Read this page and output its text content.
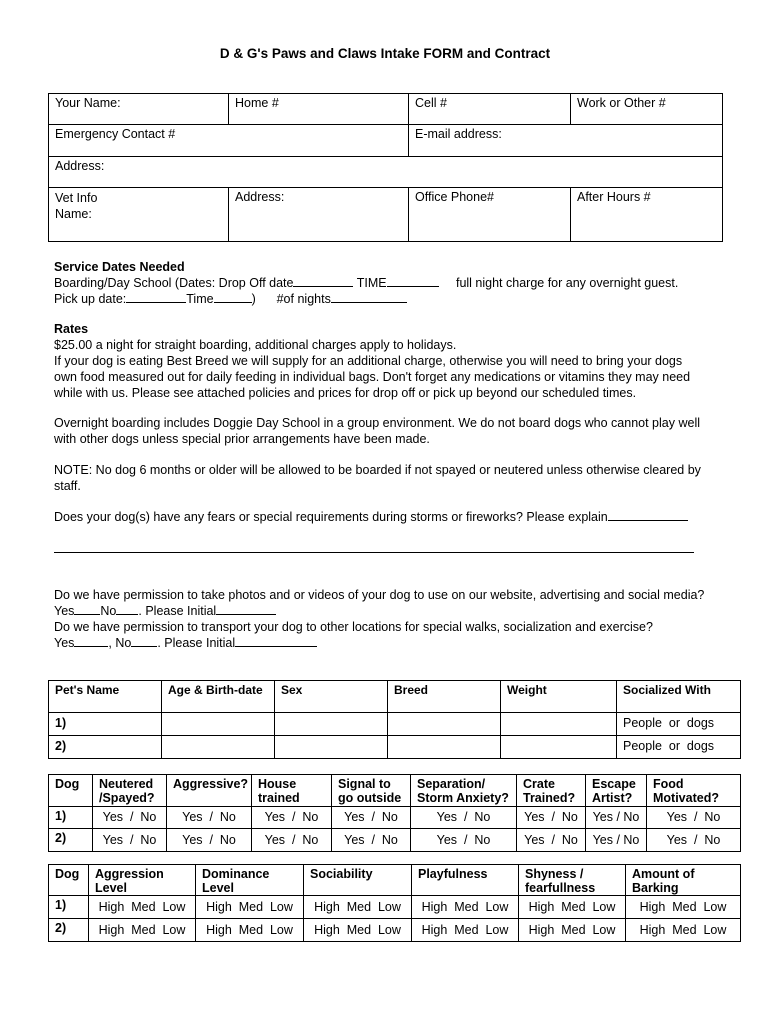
D & G's Paws and Claws Intake FORM and Contract
Your Name:	Home #	Cell #	Work or Other #
Emergency Contact #		E-mail address:	
Address:			

Vet Info
Name:	Address:	Office Phone#	After Hours #
Service Dates Needed
Boarding/Day School (Dates: Drop Off date	TIME	full night charge for any overnight guest.
Pick up date:	Time	) #of nights
Rates
$25.00 a night for straight boarding, additional charges apply to holidays.
If your dog is eating Best Breed we will supply for an additional charge, otherwise you will need to bring your dogs
own food measured out for daily feeding in individual bags. Don't forget any medications or vitamins they may need
while with us. Please see attached policies and prices for drop off or pick up beyond our scheduled times.
Overnight boarding includes Doggie Day School in a group environment. We do not board dogs who cannot play well
with other dogs unless special prior arrangements have been made.
NOTE: No dog 6 months or older will be allowed to be boarded if not spayed or neutered unless otherwise cleared by
staff.
Does your dog(s) have any fears or special requirements during storms or fireworks? Please explain
Do we have permission to take photos and or videos of your dog to use on our website, advertising and social media?
Yes No . Please Initial
Do we have permission to transport your dog to other locations for special walks, socialization and exercise?
Yes	, No . Please Initial
Pet's Name	Age & Birth-date	Sex	Breed	Weight	Socialized With
1)					People  or  dogs
2)					People  or  dogs
Dog	Neutered /Spayed?	Aggressive?	House trained	Signal to go outside	Separation/ Storm Anxiety?	Crate Trained?	Escape Artist?	Food Motivated?
1)	Yes  /  No	Yes  /  No	Yes  /  No	Yes  /  No	Yes  /  No	Yes  /  No	Yes / No	Yes  /  No
2)	Yes  /  No	Yes  /  No	Yes  /  No	Yes  /  No	Yes  /  No	Yes  /  No	Yes / No	Yes  /  No
Dog	Aggression Level	Dominance Level	Sociability	Playfulness	Shyness / fearfullness	Amount of Barking
1)	High  Med  Low	High  Med  Low	High  Med  Low	High  Med  Low	High  Med  Low	High  Med  Low
2)	High  Med  Low	High  Med  Low	High  Med  Low	High  Med  Low	High  Med  Low	High  Med  Low
